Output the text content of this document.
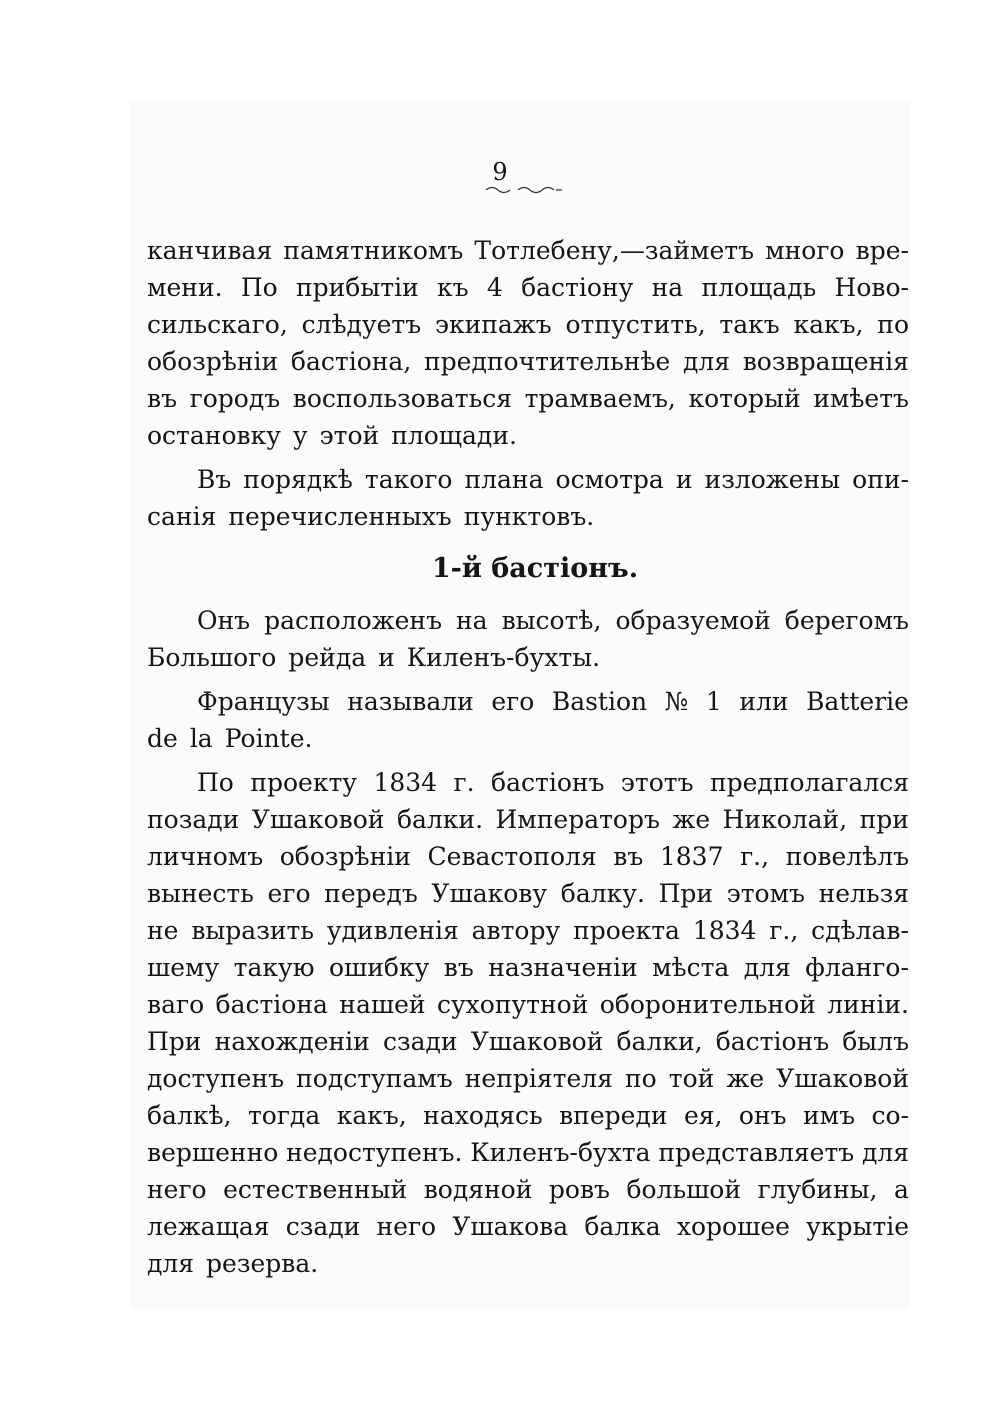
9
канчивая памятникомъ Тотлебену,—займетъ много вре-
мени. По прибытіи къ 4 бастіону на площадь Ново-
сильскаго, слѣдуетъ экипажъ отпустить, такъ какъ, по
обозрѣніи бастіона, предпочтительнѣе для возвращенія
въ городъ воспользоваться трамваемъ, который имѣетъ
остановку у этой площади.
Въ порядкѣ такого плана осмотра и изложены опи-
санія перечисленныхъ пунктовъ.
1-й бастіонъ.
Онъ расположенъ на высотѣ, образуемой берегомъ
Большого рейда и Киленъ-бухты.
Французы называли его Bastion № 1 или Batterie
de la Pointe.
По проекту 1834 г. бастіонъ этотъ предполагался
позади Ушаковой балки. Императоръ же Николай, при
личномъ обозрѣніи Севастополя въ 1837 г., повелѣлъ
вынесть его передъ Ушакову балку. При этомъ нельзя
не выразить удивленія автору проекта 1834 г., сдѣлав-
шему такую ошибку въ назначеніи мѣста для фланго-
ваго бастіона нашей сухопутной оборонительной линіи.
При нахожденіи сзади Ушаковой балки, бастіонъ былъ
доступенъ подступамъ непріятеля по той же Ушаковой
балкѣ, тогда какъ, находясь впереди ея, онъ имъ со-
вершенно недоступенъ. Киленъ-бухта представляетъ для
него естественный водяной ровъ большой глубины, а
лежащая сзади него Ушакова балка хорошее укрытіе
для резерва.
